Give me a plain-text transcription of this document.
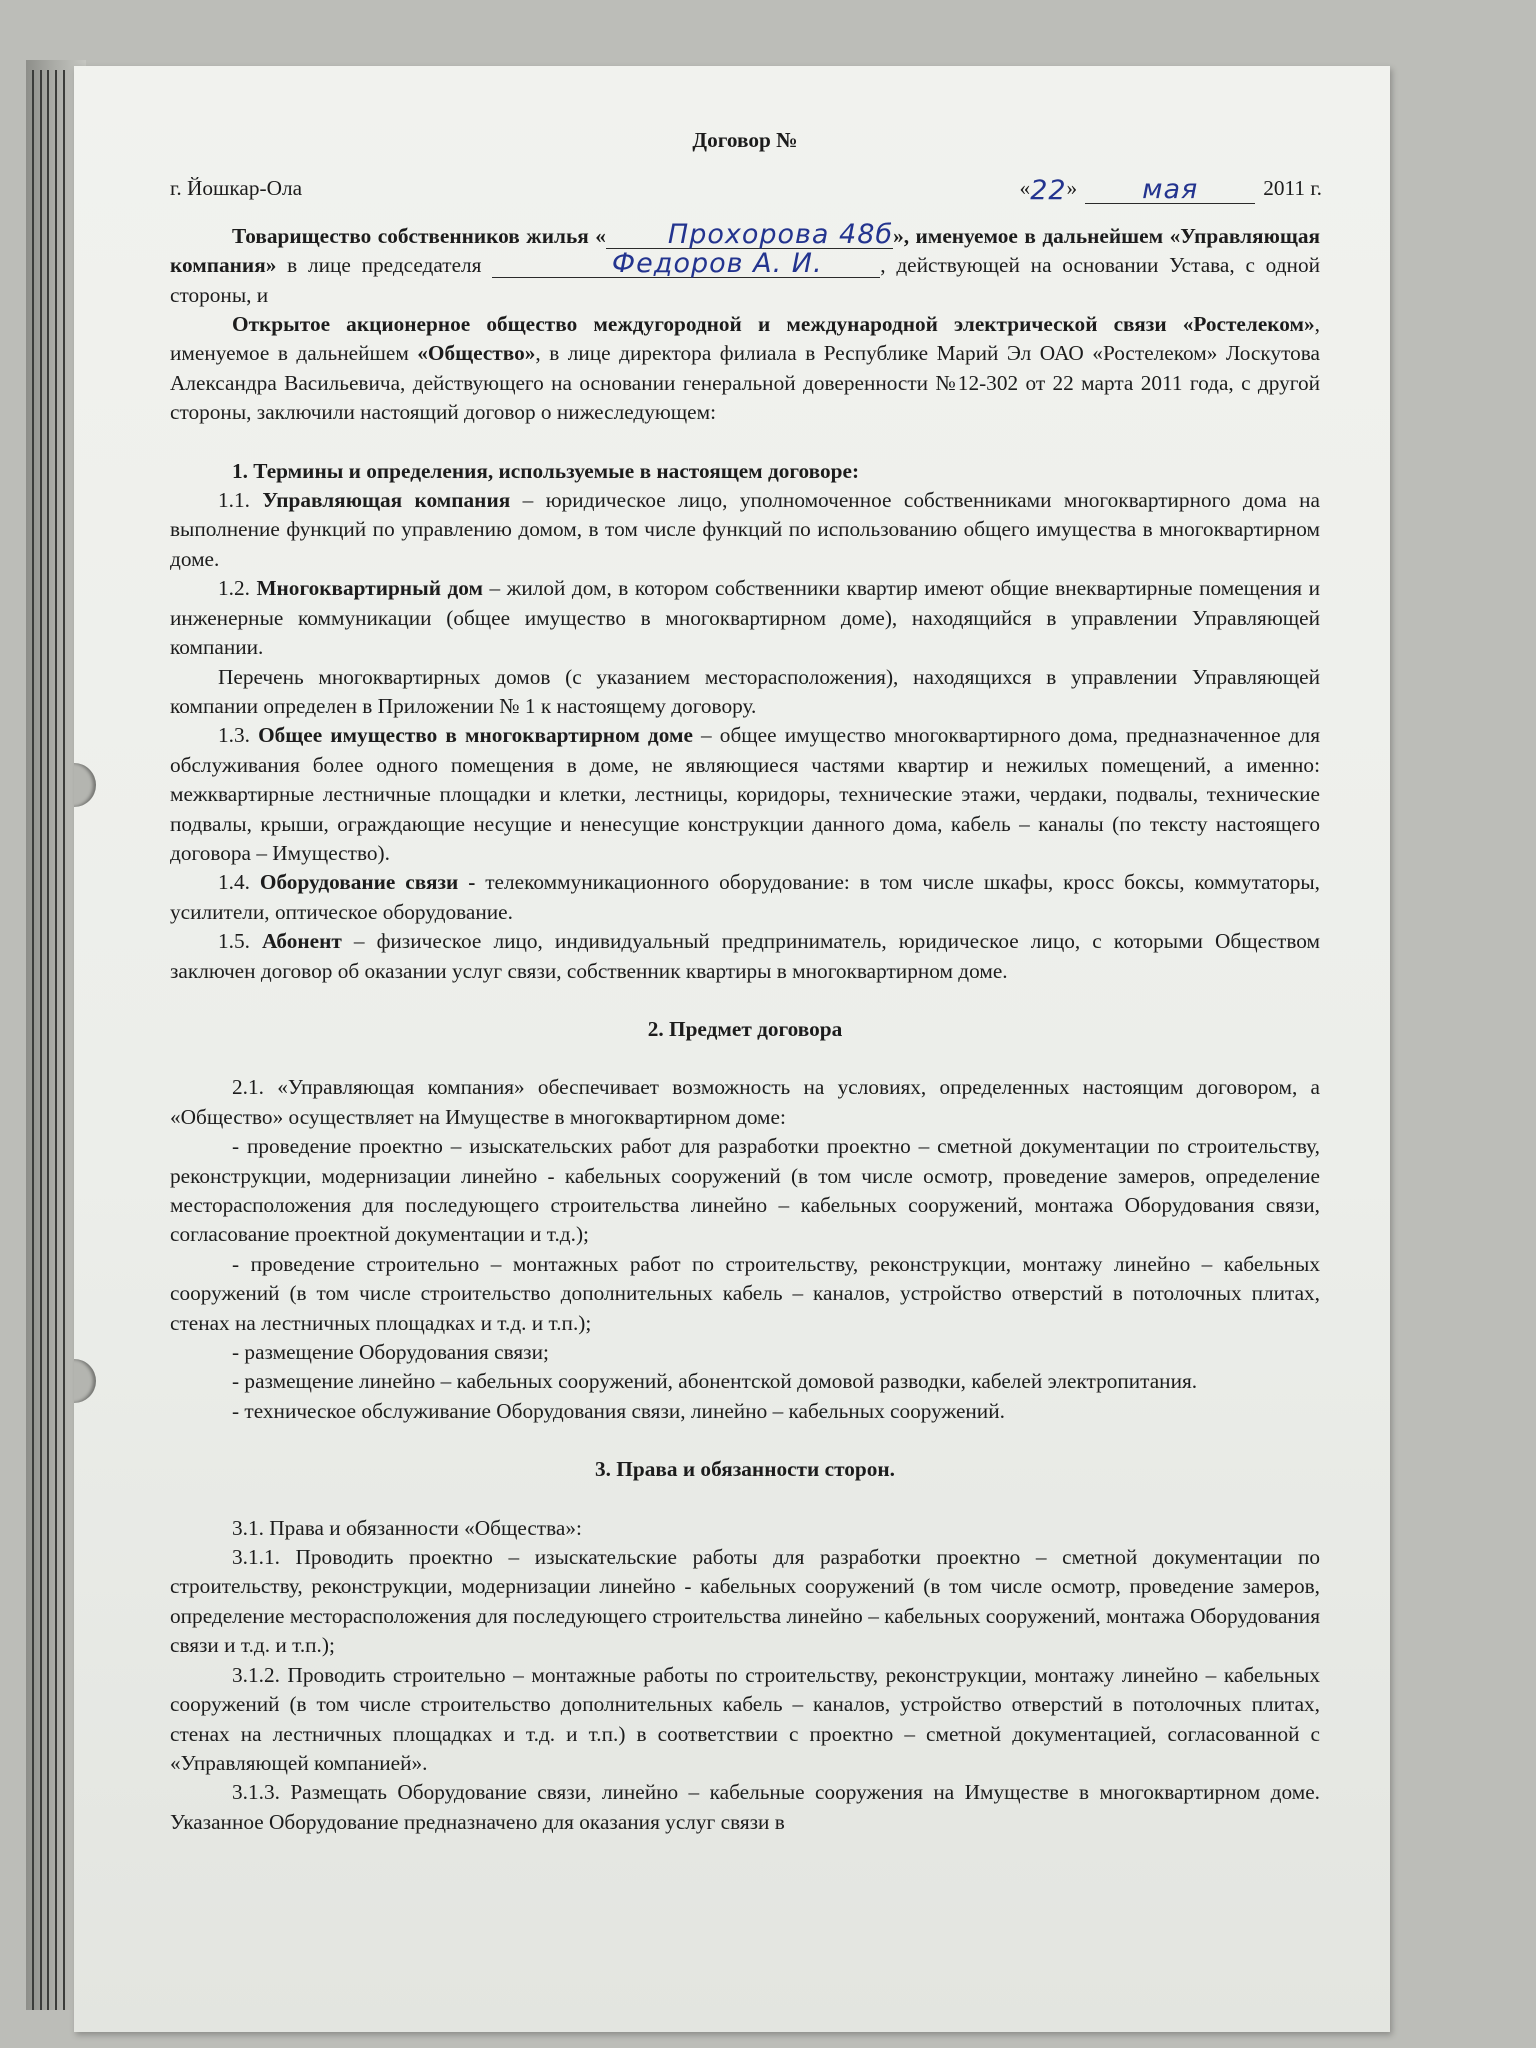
Договор №
г. Йошкар-Ола	« 22 »	мая	2011 г.

Товарищество собственников жилья « Прохорова 48б», именуемое в дальнейшем «Управляющая компания» в лице председателя	Федоров А. И.	, действующей на основании Устава, с одной стороны, и

Открытое акционерное общество междугородной и международной электрической связи «Ростелеком», именуемое в дальнейшем «Общество», в лице директора филиала в Республике Марий Эл ОАО «Ростелеком» Лоскутова Александра Васильевича, действующего на основании генеральной доверенности №12-302 от 22 марта 2011 года, с другой стороны, заключили настоящий договор о нижеследующем:

1. Термины и определения, используемые в настоящем договоре:

1.1. Управляющая компания – юридическое лицо, уполномоченное собственниками многоквартирного дома на выполнение функций по управлению домом, в том числе функций по использованию общего имущества в многоквартирном доме.

1.2. Многоквартирный дом – жилой дом, в котором собственники квартир имеют общие внеквартирные помещения и инженерные коммуникации (общее имущество в многоквартирном доме), находящийся в управлении Управляющей компании.

Перечень многоквартирных домов (с указанием месторасположения), находящихся в управлении Управляющей компании определен в Приложении № 1 к настоящему договору.

1.3. Общее имущество в многоквартирном доме – общее имущество многоквартирного дома, предназначенное для обслуживания более одного помещения в доме, не являющиеся частями квартир и нежилых помещений, а именно: межквартирные лестничные площадки и клетки, лестницы, коридоры, технические этажи, чердаки, подвалы, технические подвалы, крыши, ограждающие несущие и ненесущие конструкции данного дома, кабель – каналы (по тексту настоящего договора – Имущество).

1.4. Оборудование связи - телекоммуникационного оборудование: в том числе шкафы, кросс боксы, коммутаторы, усилители, оптическое оборудование.

1.5. Абонент – физическое лицо, индивидуальный предприниматель, юридическое лицо, с которыми Обществом заключен договор об оказании услуг связи, собственник квартиры в многоквартирном доме.

2. Предмет договора

2.1. «Управляющая компания» обеспечивает возможность на условиях, определенных настоящим договором, а «Общество» осуществляет на Имуществе в многоквартирном доме:

- проведение проектно – изыскательских работ для разработки проектно – сметной документации по строительству, реконструкции, модернизации линейно - кабельных сооружений (в том числе осмотр, проведение замеров, определение месторасположения для последующего строительства линейно – кабельных сооружений, монтажа Оборудования связи, согласование проектной документации и т.д.);

- проведение строительно – монтажных работ по строительству, реконструкции, монтажу линейно – кабельных сооружений (в том числе строительство дополнительных кабель – каналов, устройство отверстий в потолочных плитах, стенах на лестничных площадках и т.д. и т.п.);

- размещение Оборудования связи;

- размещение линейно – кабельных сооружений, абонентской домовой разводки, кабелей электропитания.

- техническое обслуживание Оборудования связи, линейно – кабельных сооружений.

3. Права и обязанности сторон.

3.1. Права и обязанности «Общества»:

3.1.1. Проводить проектно – изыскательские работы для разработки проектно – сметной документации по строительству, реконструкции, модернизации линейно - кабельных сооружений (в том числе осмотр, проведение замеров, определение месторасположения для последующего строительства линейно – кабельных сооружений, монтажа Оборудования связи и т.д. и т.п.);

3.1.2. Проводить строительно – монтажные работы по строительству, реконструкции, монтажу линейно – кабельных сооружений (в том числе строительство дополнительных кабель – каналов, устройство отверстий в потолочных плитах, стенах на лестничных площадках и т.д. и т.п.) в соответствии с проектно – сметной документацией, согласованной с «Управляющей компанией».

3.1.3. Размещать Оборудование связи, линейно – кабельные сооружения на Имуществе в многоквартирном доме. Указанное Оборудование предназначено для оказания услуг связи в
